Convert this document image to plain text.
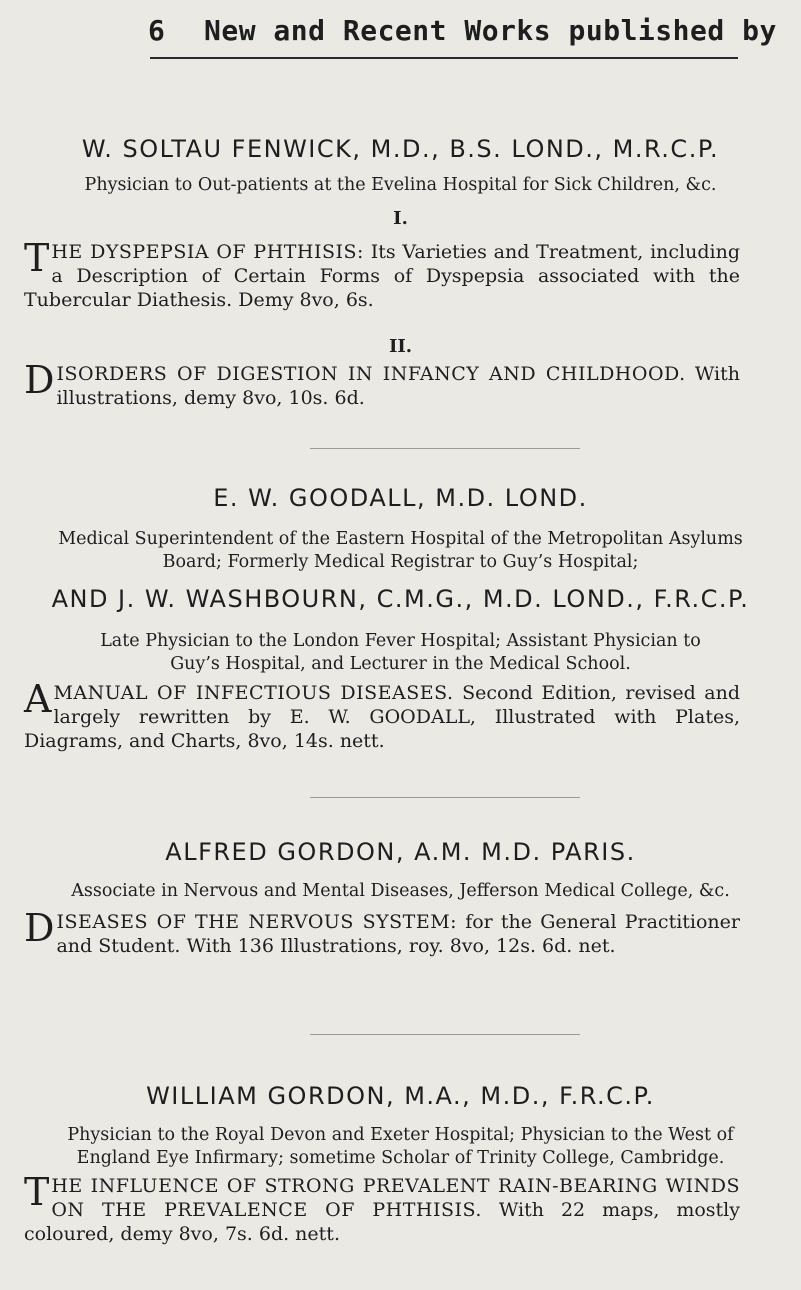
6 New and Recent Works published by
W. SOLTAU FENWICK, M.D., B.S. LOND., M.R.C.P.
Physician to Out-patients at the Evelina Hospital for Sick Children, &c.
I.
THE DYSPEPSIA OF PHTHISIS: Its Varieties and Treatment, including a Description of Certain Forms of Dyspepsia associated with the Tubercular Diathesis. Demy 8vo, 6s.
II.
DISORDERS OF DIGESTION IN INFANCY AND CHILDHOOD. With illustrations, demy 8vo, 10s. 6d.
E. W. GOODALL, M.D. LOND.
Medical Superintendent of the Eastern Hospital of the Metropolitan Asylums
Board; Formerly Medical Registrar to Guy’s Hospital;
AND J. W. WASHBOURN, C.M.G., M.D. LOND., F.R.C.P.
Late Physician to the London Fever Hospital; Assistant Physician to
Guy’s Hospital, and Lecturer in the Medical School.
A MANUAL OF INFECTIOUS DISEASES. Second Edition, revised and largely rewritten by E. W. GOODALL, Illustrated with Plates, Diagrams, and Charts, 8vo, 14s. nett.
ALFRED GORDON, A.M. M.D. PARIS.
Associate in Nervous and Mental Diseases, Jefferson Medical College, &c.
DISEASES OF THE NERVOUS SYSTEM: for the General Practitioner and Student. With 136 Illustrations, roy. 8vo, 12s. 6d. net.
WILLIAM GORDON, M.A., M.D., F.R.C.P.
Physician to the Royal Devon and Exeter Hospital; Physician to the West of
England Eye Infirmary; sometime Scholar of Trinity College, Cambridge.
THE INFLUENCE OF STRONG PREVALENT RAIN-BEARING WINDS ON THE PREVALENCE OF PHTHISIS. With 22 maps, mostly coloured, demy 8vo, 7s. 6d. nett.
